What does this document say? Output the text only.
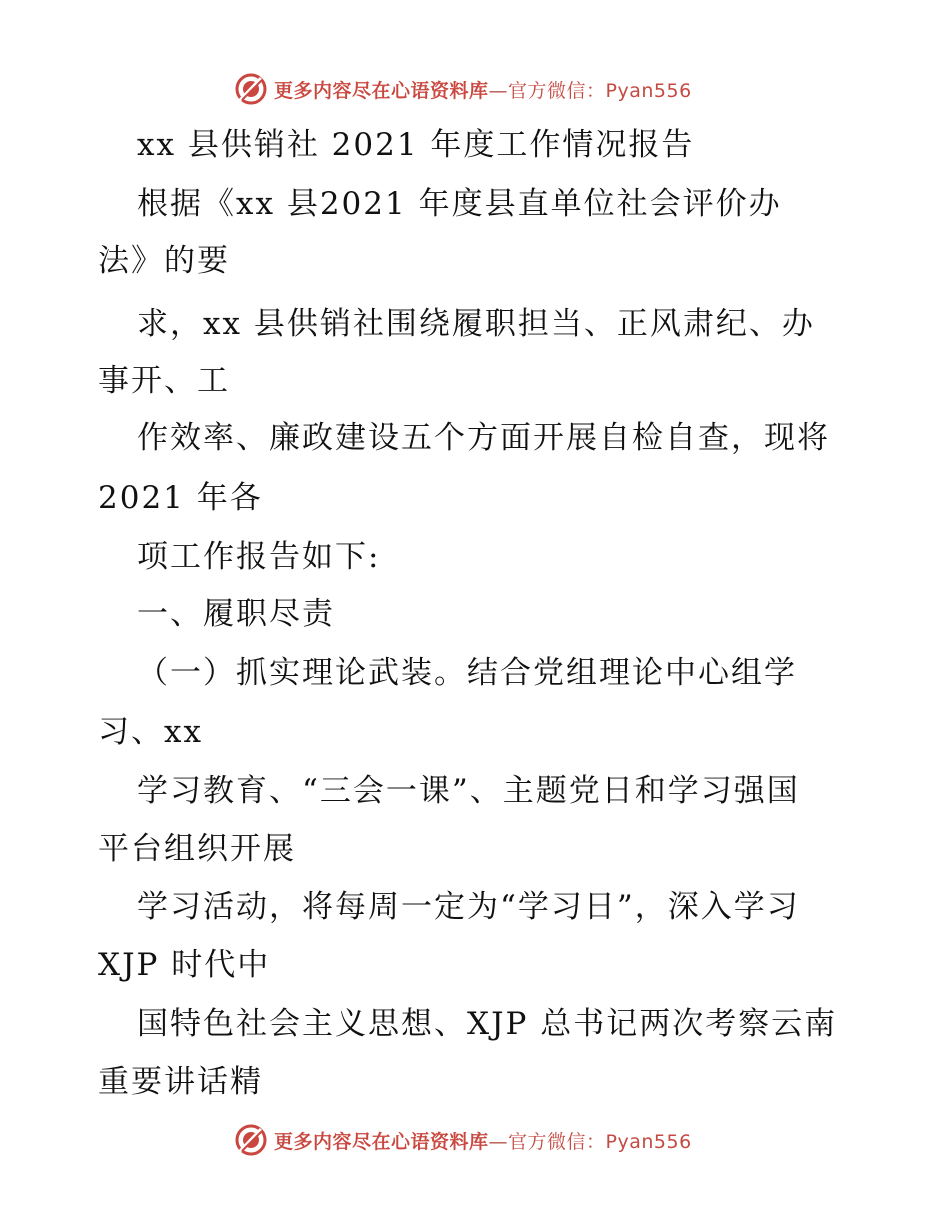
更多内容尽在心语资料库—官方微信：Pyan556
xx 县供销社 2021 年度工作情况报告
根据《xx 县2021 年度县直单位社会评价办
法》的要
求，xx 县供销社围绕履职担当、正风肃纪、办
事开、工
作效率、廉政建设五个方面开展自检自查，现将
2021 年各
项工作报告如下:
一、履职尽责
（一）抓实理论武装。结合党组理论中心组学
习、xx
学习教育、“三会一课”、主题党日和学习强国
平台组织开展
学习活动，将每周一定为“学习日”，深入学习
XJP 时代中
国特色社会主义思想、XJP 总书记两次考察云南
重要讲话精
更多内容尽在心语资料库—官方微信：Pyan556
